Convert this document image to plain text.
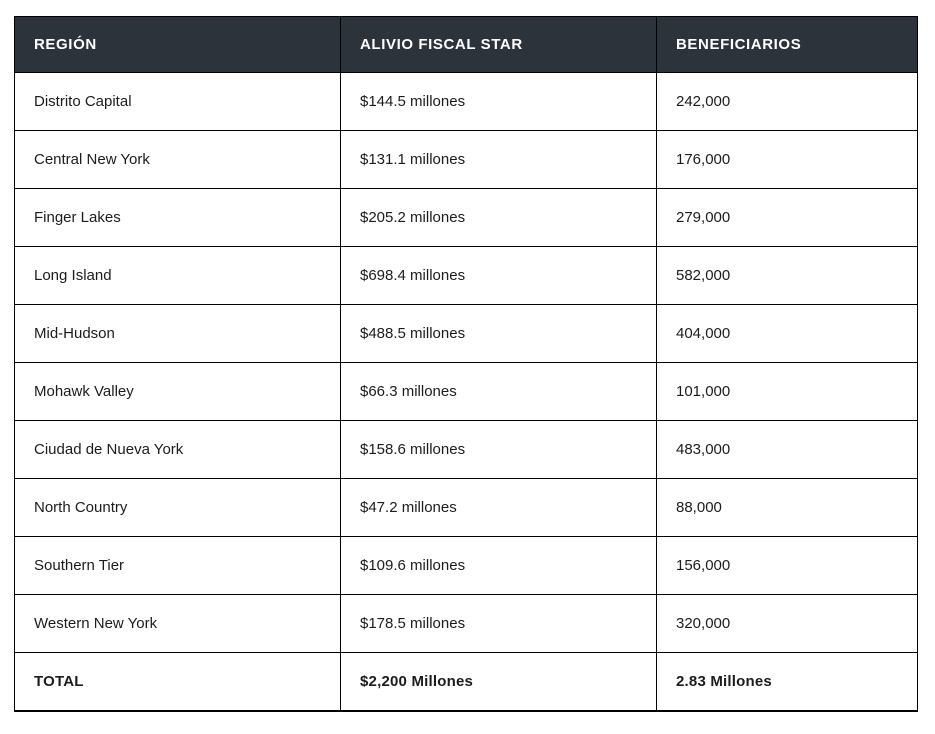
REGIÓN	ALIVIO FISCAL STAR	BENEFICIARIOS
Distrito Capital	$144.5 millones	242,000
Central New York	$131.1 millones	176,000
Finger Lakes	$205.2 millones	279,000
Long Island	$698.4 millones	582,000
Mid-Hudson	$488.5 millones	404,000
Mohawk Valley	$66.3 millones	101,000
Ciudad de Nueva York	$158.6 millones	483,000
North Country	$47.2 millones	88,000
Southern Tier	$109.6 millones	156,000
Western New York	$178.5 millones	320,000
TOTAL	$2,200 Millones	2.83 Millones
